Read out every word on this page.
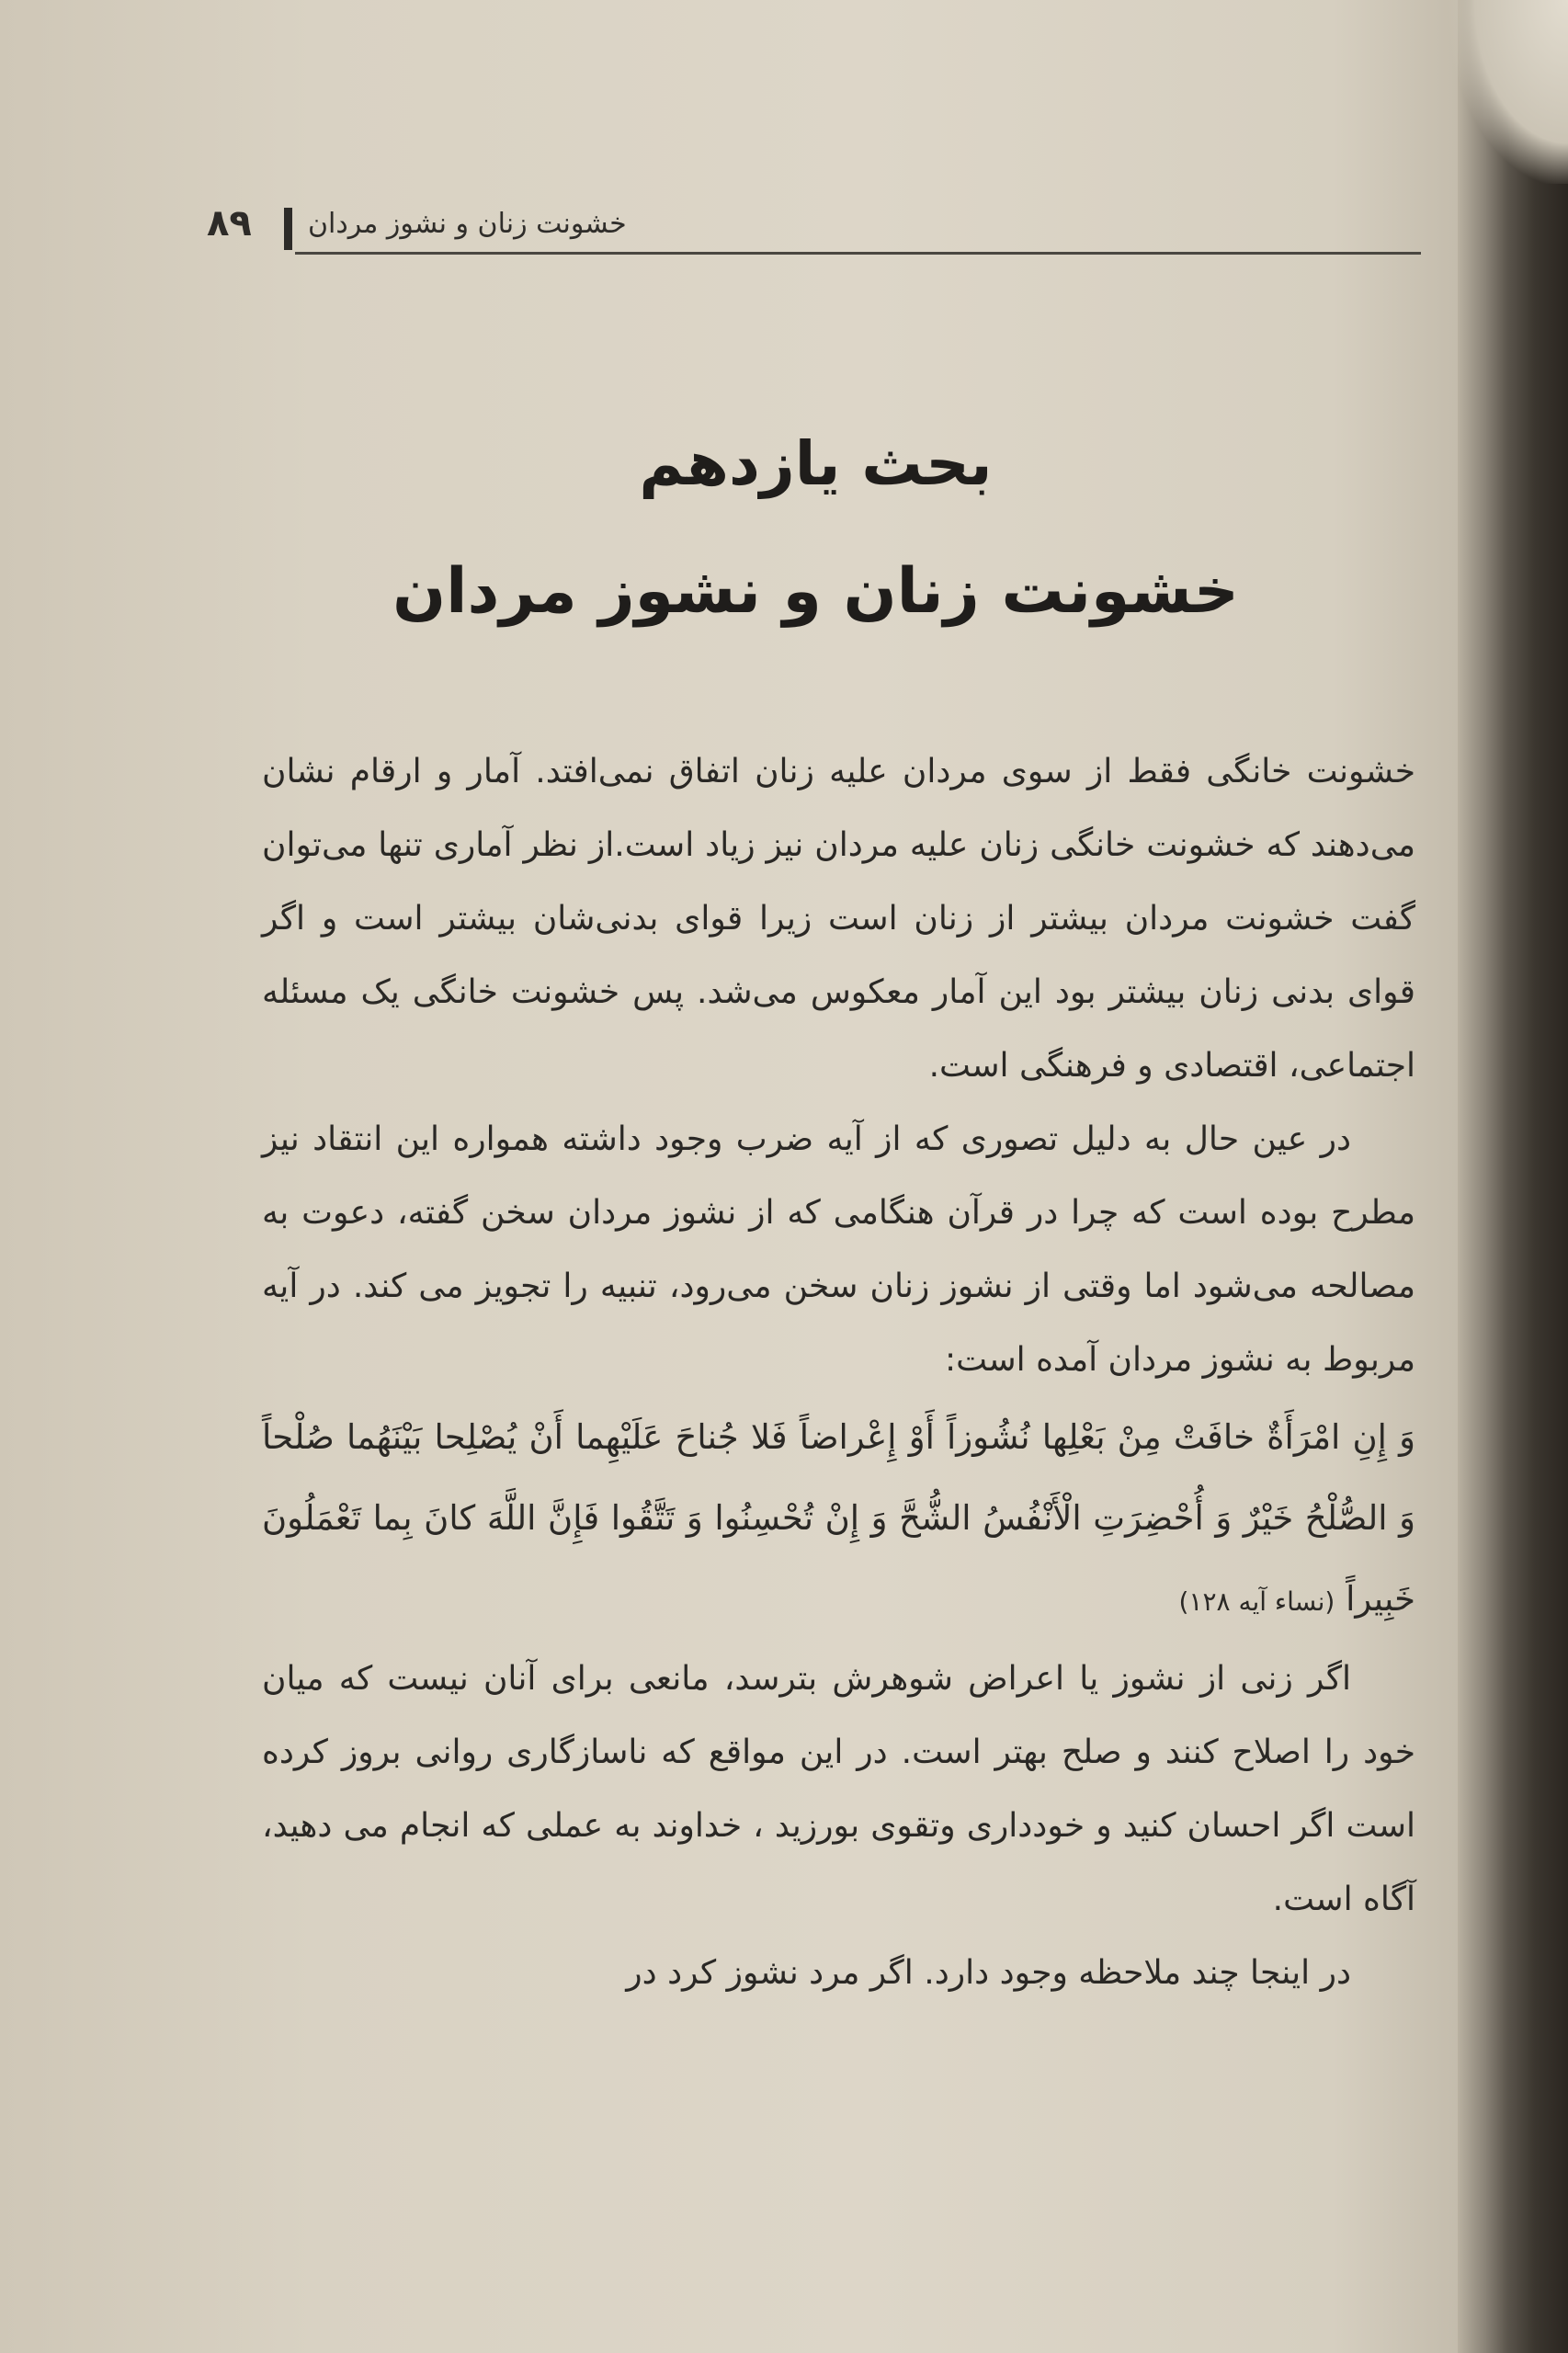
۸۹ خشونت زنان و نشوز مردان
بحث یازدهم
خشونت زنان و نشوز مردان

خشونت خانگی فقط از سوی مردان علیه زنان اتفاق نمی‌افتد. آمار و ارقام نشان می‌دهند که خشونت خانگی زنان علیه مردان نیز زیاد است.از نظر آماری تنها می‌توان گفت خشونت مردان بیشتر از زنان است زیرا قوای بدنی‌شان بیشتر است و اگر قوای بدنی زنان بیشتر بود این آمار معکوس می‌شد. پس خشونت خانگی یک مسئله اجتماعی، اقتصادی و فرهنگی است.

در عین حال به دلیل تصوری که از آیه ضرب وجود داشته همواره این انتقاد نیز مطرح بوده است که چرا در قرآن هنگامی که از نشوز مردان سخن گفته، دعوت به مصالحه می‌شود اما وقتی از نشوز زنان سخن می‌رود، تنبیه را تجویز می کند. در آیه مربوط به نشوز مردان آمده است:

وَ إِنِ امْرَأَةٌ خافَتْ مِنْ بَعْلِها نُشُوزاً أَوْ إِعْراضاً فَلا جُناحَ عَلَيْهِما أَنْ يُصْلِحا بَيْنَهُما صُلْحاً وَ الصُّلْحُ خَيْرٌ وَ أُحْضِرَتِ الْأَنْفُسُ الشُّحَّ وَ إِنْ تُحْسِنُوا وَ تَتَّقُوا فَإِنَّ اللَّهَ كانَ بِما تَعْمَلُونَ خَبِيراً (نساء آیه ۱۲۸)

اگر زنی از نشوز یا اعراض شوهرش بترسد، مانعی برای آنان نیست که میان خود را اصلاح کنند و صلح بهتر است. در این مواقع که ناسازگاری روانی بروز کرده است اگر احسان کنید و خودداری وتقوی بورزید ، خداوند به عملی که انجام می دهید، آگاه است.

در اینجا چند ملاحظه وجود دارد. اگر مرد نشوز کرد در
